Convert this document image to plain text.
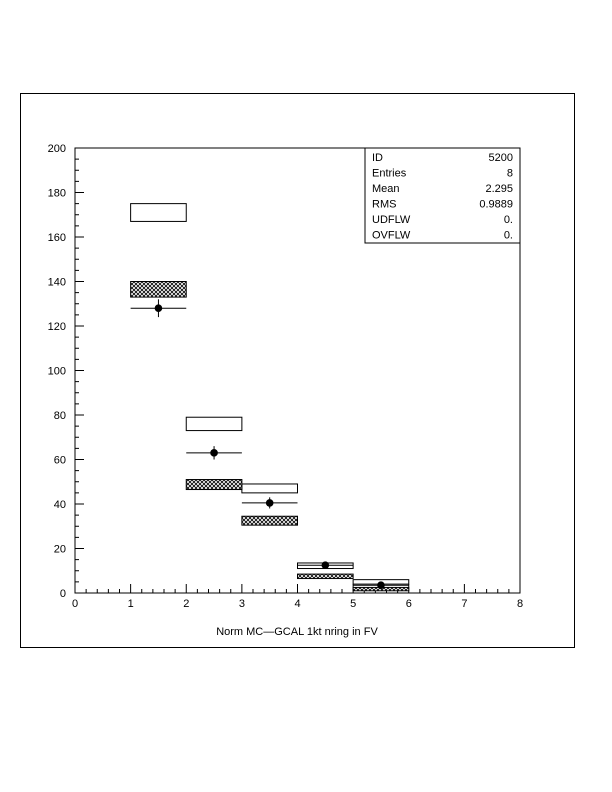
0	1	2	3	4	5	6	7	8
0
20
40
60
80
100
120
140
160
180
200
ID	5200
Entries	8
Mean	2.295
RMS	0.9889
UDFLW	0.
OVFLW	0.
Norm MC—GCAL 1kt nring in FV
